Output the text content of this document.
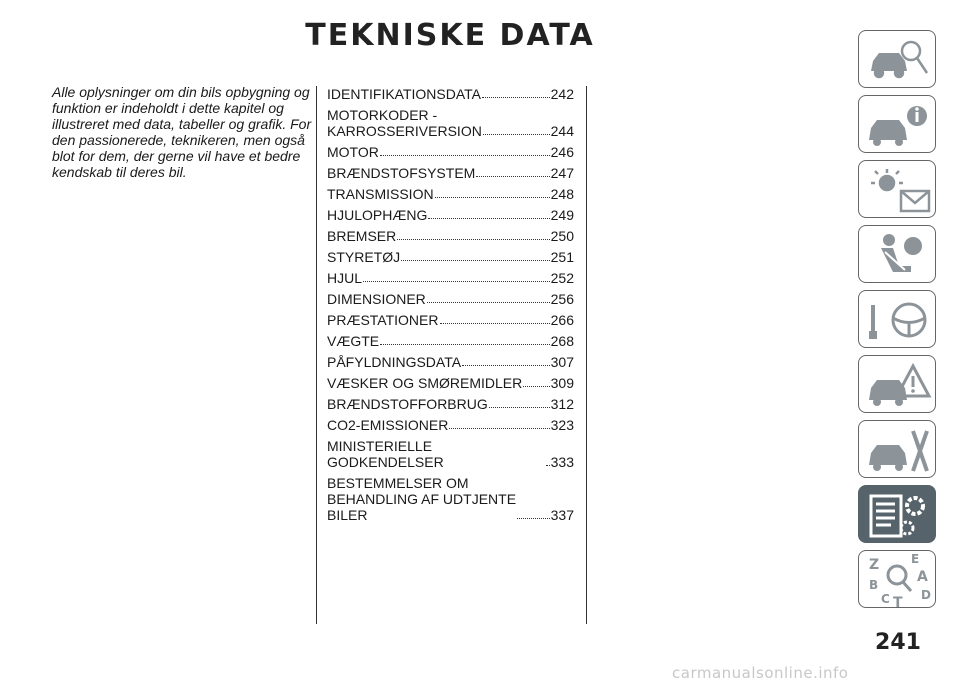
TEKNISKE DATA
Alle oplysninger om din bils opbygning og funktion er indeholdt i dette kapitel og illustreret med data, tabeller og grafik. For den passionerede, teknikeren, men også blot for dem, der gerne vil have et bedre kendskab til deres bil.
IDENTIFIKATIONSDATA	242
MOTORKODER -
KARROSSERIVERSION	244
MOTOR	246
BRÆNDSTOFSYSTEM	247
TRANSMISSION	248
HJULOPHÆNG	249
BREMSER	250
STYRETØJ	251
HJUL	252
DIMENSIONER	256
PRÆSTATIONER	266
VÆGTE	268
PÅFYLDNINGSDATA	307
VÆSKER OG SMØREMIDLER 309
BRÆNDSTOFFORBRUG	312
CO2-EMISSIONER	323
MINISTERIELLE GODKENDELSER	333
BESTEMMELSER OM
BEHANDLING AF UDTJENTE
BILER	337
Z	E
B	A
C T D
241
carmanualsonline.info
